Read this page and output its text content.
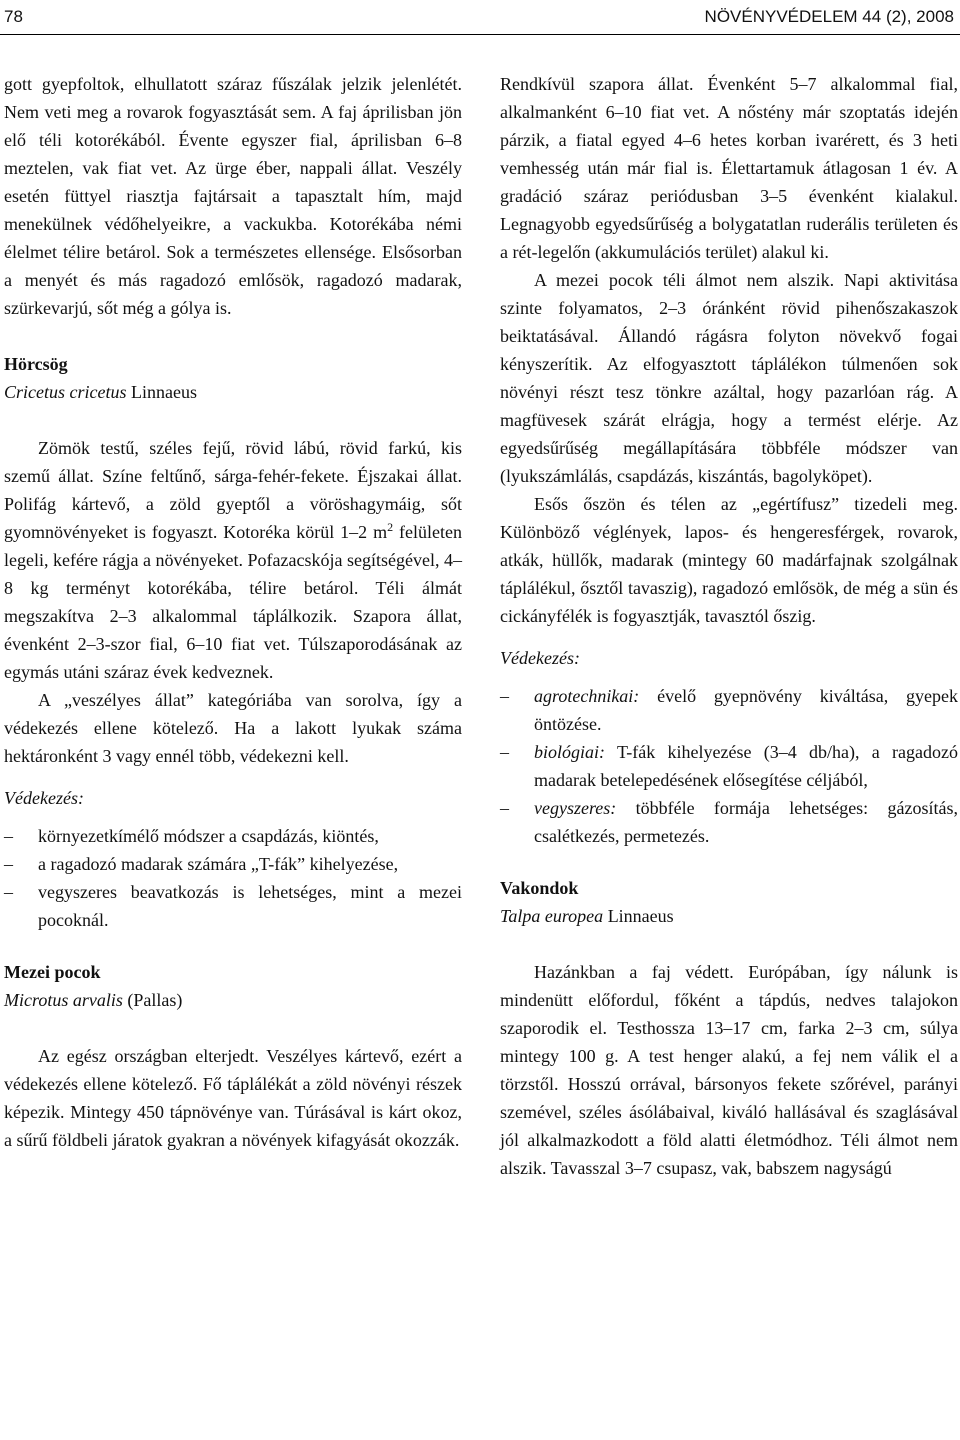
78	NÖVÉNYVÉDELEM 44 (2), 2008

gott gyepfoltok, elhullatott száraz fűszálak jelzik jelenlétét. Nem veti meg a rovarok fogyasztását sem. A faj áprilisban jön elő téli kotorékából. Évente egyszer fial, áprilisban 6–8 meztelen, vak fiat vet. Az ürge éber, nappali állat. Veszély esetén füttyel riasztja fajtársait a tapasztalt hím, majd menekülnek védőhelyeikre, a vackukba. Kotorékába némi élelmet télire betárol. Sok a természetes ellensége. Elsősorban a menyét és más ragadozó emlősök, ragadozó madarak, szürkevarjú, sőt még a gólya is.

Hörcsög

Cricetus cricetus Linnaeus

Zömök testű, széles fejű, rövid lábú, rövid farkú, kis szemű állat. Színe feltűnő, sárga-fehér-fekete. Éjszakai állat. Polifág kártevő, a zöld gyeptől a vöröshagymáig, sőt gyomnövényeket is fogyaszt. Kotoréka körül 1–2 $m^2$ felületen legeli, kefére rágja a növényeket. Pofazacskója segítségével, 4–8 kg terményt kotorékába, télire betárol. Téli álmát megszakítva 2–3 alkalommal táplálkozik. Szapora állat, évenként 2–3-szor fial, 6–10 fiat vet. Túlszaporodásának az egymás utáni száraz évek kedveznek.

A „veszélyes állat” kategóriába van sorolva, így a védekezés ellene kötelező. Ha a lakott lyukak száma hektáronként 3 vagy ennél több, védekezni kell.

Védekezés:

– környezetkímélő módszer a csapdázás, kiöntés,

– a ragadozó madarak számára „T-fák” kihelyezése,

– vegyszeres beavatkozás is lehetséges, mint a mezei pocoknál.

Mezei pocok

Microtus arvalis (Pallas)

Az egész országban elterjedt. Veszélyes kártevő, ezért a védekezés ellene kötelező. Fő táplálékát a zöld növényi részek képezik. Mintegy 450 tápnövénye van. Túrásával is kárt okoz, a sűrű földbeli járatok gyakran a növények kifagyását okozzák.

Rendkívül szapora állat. Évenként 5–7 alkalommal fial, alkalmanként 6–10 fiat vet. A nőstény már szoptatás idején párzik, a fiatal egyed 4–6 hetes korban ivarérett, és 3 heti vemhesség után már fial is. Élettartamuk átlagosan 1 év. A gradáció száraz periódusban 3–5 évenként kialakul. Legnagyobb egyedsűrűség a bolygatatlan ruderális területen és a rét-legelőn (akkumulációs terület) alakul ki.

A mezei pocok téli álmot nem alszik. Napi aktivitása szinte folyamatos, 2–3 óránként rövid pihenőszakaszok beiktatásával. Állandó rágásra folyton növekvő fogai kényszerítik. Az elfogyasztott táplálékon túlmenően sok növényi részt tesz tönkre azáltal, hogy pazarlóan rág. A magfüvesek szárát elrágja, hogy a termést elérje. Az egyedsűrűség megállapítására többféle módszer van (lyukszámlálás, csapdázás, kiszántás, bagolyköpet).

Esős őszön és télen az „egértífusz” tizedeli meg. Különböző véglények, lapos- és hengeresférgek, rovarok, atkák, hüllők, madarak (mintegy 60 madárfajnak szolgálnak táplálékul, ősztől tavaszig), ragadozó emlősök, de még a sün és cickányfélék is fogyasztják, tavasztól őszig.

Védekezés:

– agrotechnikai: évelő gyepnövény kiváltása, gyepek öntözése.

– biológiai: T-fák kihelyezése (3–4 db/ha), a ragadozó madarak betelepedésének elősegítése céljából,

– vegyszeres: többféle formája lehetséges: gázosítás, csalétkezés, permetezés.

Vakondok

Talpa europea Linnaeus

Hazánkban a faj védett. Európában, így nálunk is mindenütt előfordul, főként a tápdús, nedves talajokon szaporodik el. Testhossza 13–17 cm, farka 2–3 cm, súlya mintegy 100 g. A test henger alakú, a fej nem válik el a törzstől. Hosszú orrával, bársonyos fekete szőrével, parányi szemével, széles ásólábaival, kiváló hallásával és szaglásával jól alkalmazkodott a föld alatti életmódhoz. Téli álmot nem alszik. Tavasszal 3–7 csupasz, vak, babszem nagyságú
